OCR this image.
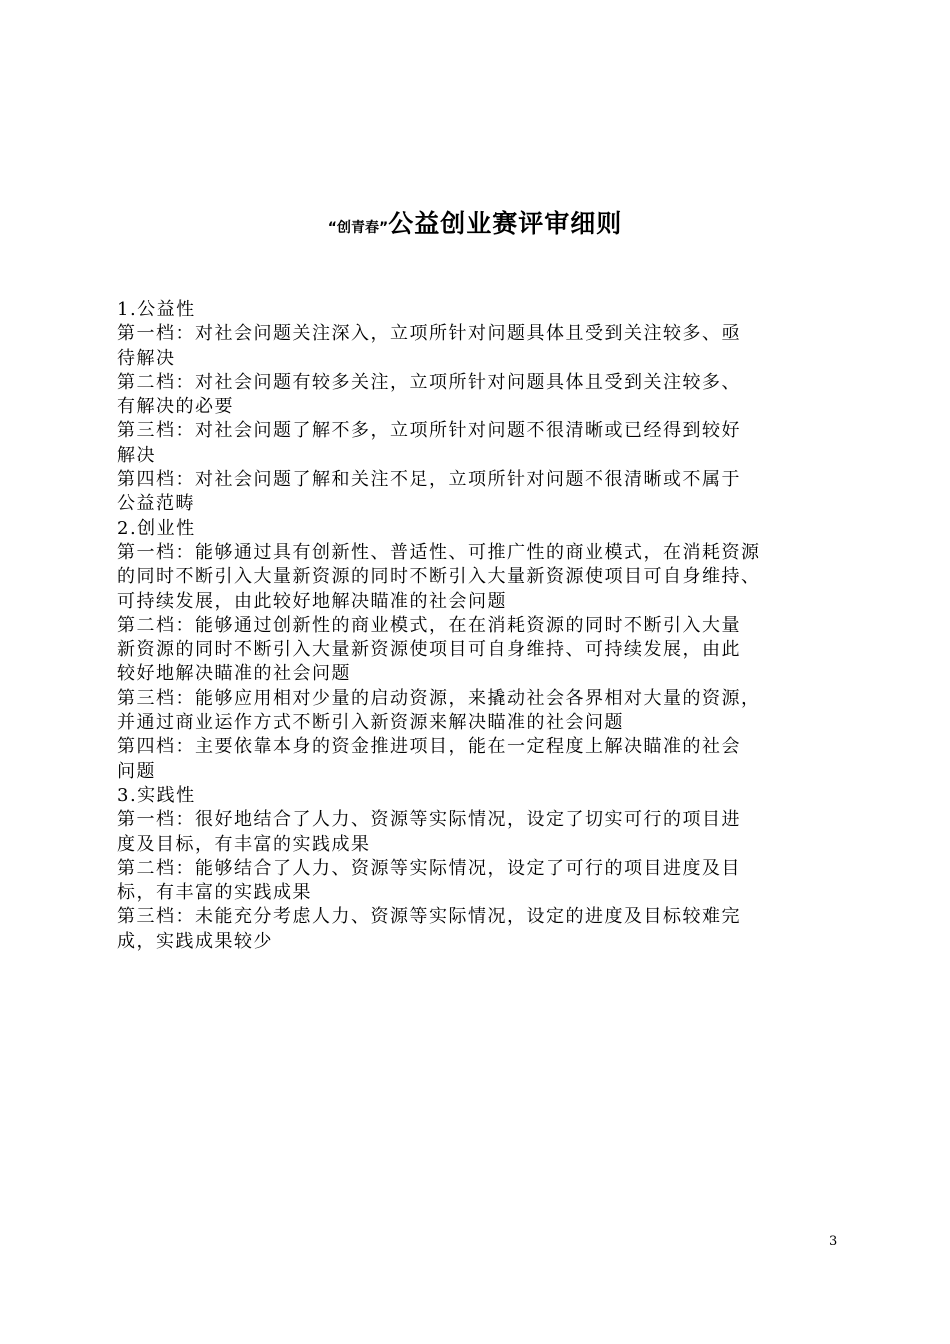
“创青春”公益创业赛评审细则
1.公益性
第一档：对社会问题关注深入，立项所针对问题具体且受到关注较多、亟
待解决
第二档：对社会问题有较多关注，立项所针对问题具体且受到关注较多、
有解决的必要
第三档：对社会问题了解不多，立项所针对问题不很清晰或已经得到较好
解决
第四档：对社会问题了解和关注不足，立项所针对问题不很清晰或不属于
公益范畴
2.创业性
第一档：能够通过具有创新性、普适性、可推广性的商业模式，在消耗资源
的同时不断引入大量新资源的同时不断引入大量新资源使项目可自身维持、
可持续发展，由此较好地解决瞄准的社会问题
第二档：能够通过创新性的商业模式，在在消耗资源的同时不断引入大量
新资源的同时不断引入大量新资源使项目可自身维持、可持续发展，由此
较好地解决瞄准的社会问题
第三档：能够应用相对少量的启动资源，来撬动社会各界相对大量的资源，
并通过商业运作方式不断引入新资源来解决瞄准的社会问题
第四档：主要依靠本身的资金推进项目，能在一定程度上解决瞄准的社会
问题
3.实践性
第一档：很好地结合了人力、资源等实际情况，设定了切实可行的项目进
度及目标，有丰富的实践成果
第二档：能够结合了人力、资源等实际情况，设定了可行的项目进度及目
标，有丰富的实践成果
第三档：未能充分考虑人力、资源等实际情况，设定的进度及目标较难完
成，实践成果较少
3
